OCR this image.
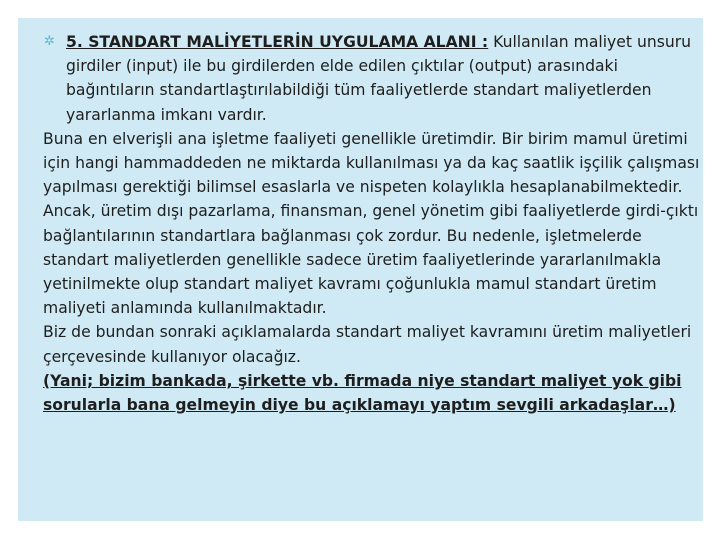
✲ 5. STANDART MALİYETLERİN UYGULAMA ALANI : Kullanılan maliyet unsuru girdiler (input) ile bu girdilerden elde edilen çıktılar (output) arasındaki bağıntıların standartlaştırılabildiği tüm faaliyetlerde standart maliyetlerden yararlanma imkanı vardır.

Buna en elverişli ana işletme faaliyeti genellikle üretimdir. Bir birim mamul üretimi için hangi hammaddeden ne miktarda kullanılması ya da kaç saatlik işçilik çalışması yapılması gerektiği bilimsel esaslarla ve nispeten kolaylıkla hesaplanabilmektedir. Ancak, üretim dışı pazarlama, finansman, genel yönetim gibi faaliyetlerde girdi-çıktı bağlantılarının standartlara bağlanması çok zordur. Bu nedenle, işletmelerde standart maliyetlerden genellikle sadece üretim faaliyetlerinde yararlanılmakla yetinilmekte olup standart maliyet kavramı çoğunlukla mamul standart üretim maliyeti anlamında kullanılmaktadır.

Biz de bundan sonraki açıklamalarda standart maliyet kavramını üretim maliyetleri çerçevesinde kullanıyor olacağız.

(Yani; bizim bankada, şirkette vb. firmada niye standart maliyet yok gibi sorularla bana gelmeyin diye bu açıklamayı yaptım sevgili arkadaşlar…)
